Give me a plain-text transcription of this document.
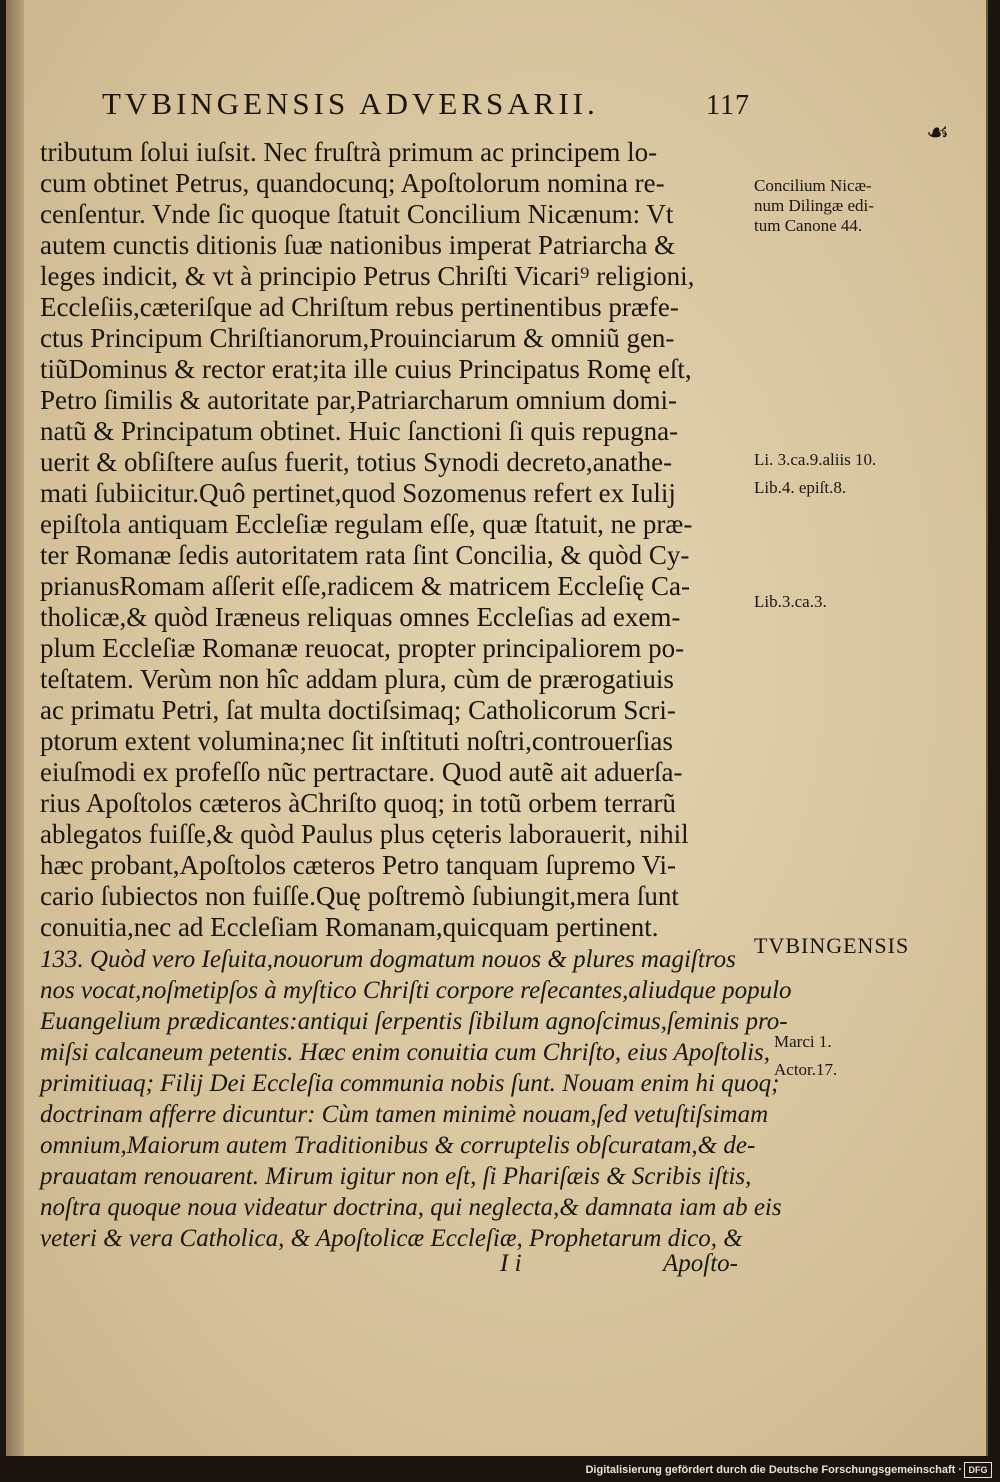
TVBINGENSIS ADVERSARII.	117
☙
tributum ſolui iuſsit. Nec fruſtrà primum ac principem lo-
cum obtinet Petrus, quandocunq; Apoſtolorum nomina re-
cenſentur. Vnde ſic quoque ſtatuit Concilium Nicænum: Vt
autem cunctis ditionis ſuæ nationibus imperat Patriarcha &
leges indicit, & vt à principio Petrus Chriſti Vicari⁹ religioni,
Eccleſiis,cæteriſque ad Chriſtum rebus pertinentibus præfe-
ctus Principum Chriſtianorum,Prouinciarum & omniũ gen-
tiũDominus & rector erat;ita ille cuius Principatus Romę eſt,
Petro ſimilis & autoritate par,Patriarcharum omnium domi-
natũ & Principatum obtinet. Huic ſanctioni ſi quis repugna-
uerit & obſiſtere auſus fuerit, totius Synodi decreto,anathe-
mati ſubiicitur.Quô pertinet,quod Sozomenus refert ex Iulij
epiſtola antiquam Eccleſiæ regulam eſſe, quæ ſtatuit, ne præ-
ter Romanæ ſedis autoritatem rata ſint Concilia, & quòd Cy-
prianusRomam aſſerit eſſe,radicem & matricem Eccleſię Ca-
tholicæ,& quòd Iræneus reliquas omnes Eccleſias ad exem-
plum Eccleſiæ Romanæ reuocat, propter principaliorem po-
teſtatem. Verùm non hîc addam plura, cùm de prærogatiuis
ac primatu Petri, ſat multa doctiſsimaq; Catholicorum Scri-
ptorum extent volumina;nec ſit inſtituti noſtri,controuerſias
eiuſmodi ex profeſſo nũc pertractare. Quod autẽ ait aduerſa-
rius Apoſtolos cæteros àChriſto quoq; in totũ orbem terrarũ
ablegatos fuiſſe,& quòd Paulus plus cęteris laborauerit, nihil
hæc probant,Apoſtolos cæteros Petro tanquam ſupremo Vi-
cario ſubiectos non fuiſſe.Quę poſtremò ſubiungit,mera ſunt
conuitia,nec ad Eccleſiam Romanam,quicquam pertinent.
133. Quòd vero Ieſuita,nouorum dogmatum nouos & plures magiſtros
nos vocat,noſmetipſos à myſtico Chriſti corpore reſecantes,aliudque populo
Euangelium prædicantes:antiqui ſerpentis ſibilum agnoſcimus,ſeminis pro-
miſsi calcaneum petentis. Hæc enim conuitia cum Chriſto, eius Apoſtolis,
primitiuaq; Filij Dei Eccleſia communia nobis ſunt. Nouam enim hi quoq;
doctrinam afferre dicuntur: Cùm tamen minimè nouam,ſed vetuſtiſsimam
omnium,Maiorum autem Traditionibus & corruptelis obſcuratam,& de-
prauatam renouarent. Mirum igitur non eſt, ſi Phariſæis & Scribis iſtis,
noſtra quoque noua videatur doctrina, qui neglecta,& damnata iam ab eis
veteri & vera Catholica, & Apoſtolicæ Eccleſiæ, Prophetarum dico, &
I i	Apoſto-
Concilium Nicæ-
num Dilingæ edi-
tum Canone 44.
Li. 3.ca.9.aliis 10.
Lib.4. epiſt.8.
Lib.3.ca.3.
TVBINGENSIS
Marci 1.
Actor.17.
Digitalisierung gefördert durch die Deutsche Forschungsgemeinschaft · DFG
